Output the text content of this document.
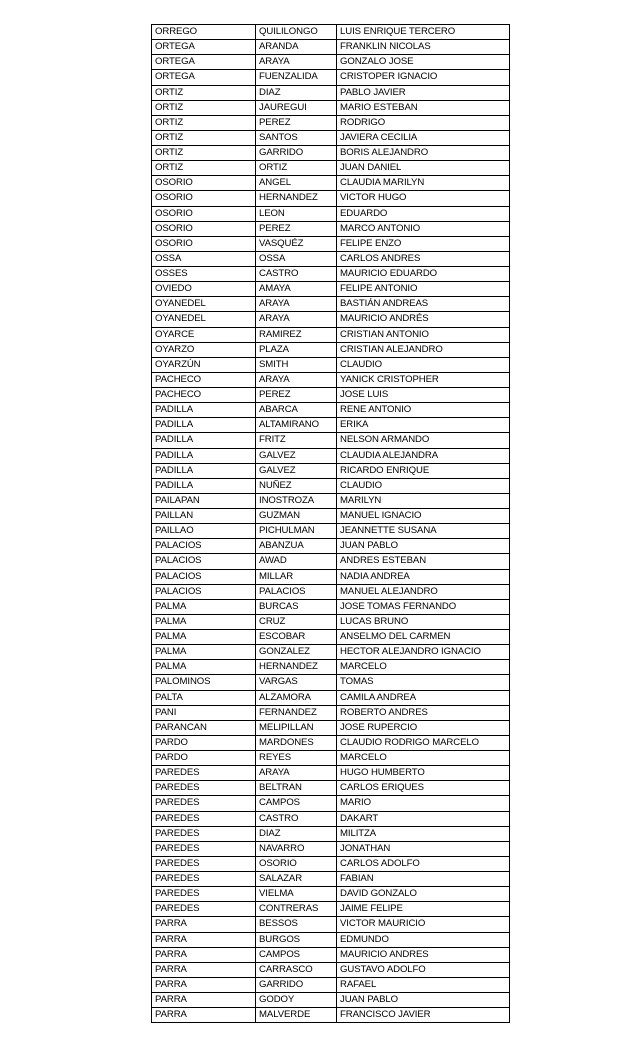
ORREGO	QUILILONGO	LUIS ENRIQUE TERCERO
ORTEGA	ARANDA	FRANKLIN NICOLAS
ORTEGA	ARAYA	GONZALO JOSE
ORTEGA	FUENZALIDA	CRISTOPER IGNACIO
ORTIZ	DIAZ	PABLO JAVIER
ORTIZ	JAUREGUI	MARIO ESTEBAN
ORTIZ	PEREZ	RODRIGO
ORTIZ	SANTOS	JAVIERA CECILIA
ORTIZ	GARRIDO	BORIS ALEJANDRO
ORTIZ	ORTIZ	JUAN DANIEL
OSORIO	ANGEL	CLAUDIA MARILYN
OSORIO	HERNANDEZ	VICTOR HUGO
OSORIO	LEON	EDUARDO
OSORIO	PEREZ	MARCO ANTONIO
OSORIO	VASQUÉZ	FELIPE ENZO
OSSA	OSSA	CARLOS ANDRES
OSSES	CASTRO	MAURICIO EDUARDO
OVIEDO	AMAYA	FELIPE ANTONIO
OYANEDEL	ARAYA	BASTIÁN ANDREAS
OYANEDEL	ARAYA	MAURICIO ANDRÉS
OYARCE	RAMIREZ	CRISTIAN ANTONIO
OYARZO	PLAZA	CRISTIAN ALEJANDRO
OYARZÚN	SMITH	CLAUDIO
PACHECO	ARAYA	YANICK CRISTOPHER
PACHECO	PEREZ	JOSE LUIS
PADILLA	ABARCA	RENE ANTONIO
PADILLA	ALTAMIRANO	ERIKA
PADILLA	FRITZ	NELSON ARMANDO
PADILLA	GALVEZ	CLAUDIA ALEJANDRA
PADILLA	GALVEZ	RICARDO ENRIQUE
PADILLA	NUÑEZ	CLAUDIO
PAILAPAN	INOSTROZA	MARILYN
PAILLAN	GUZMAN	MANUEL IGNACIO
PAILLAO	PICHULMAN	JEANNETTE SUSANA
PALACIOS	ABANZUA	JUAN PABLO
PALACIOS	AWAD	ANDRES ESTEBAN
PALACIOS	MILLAR	NADIA ANDREA
PALACIOS	PALACIOS	MANUEL ALEJANDRO
PALMA	BURCAS	JOSE TOMAS FERNANDO
PALMA	CRUZ	LUCAS BRUNO
PALMA	ESCOBAR	ANSELMO DEL CARMEN
PALMA	GONZALEZ	HECTOR ALEJANDRO IGNACIO
PALMA	HERNANDEZ	MARCELO
PALOMINOS	VARGAS	TOMAS
PALTA	ALZAMORA	CAMILA ANDREA
PANI	FERNANDEZ	ROBERTO ANDRES
PARANCAN	MELIPILLAN	JOSE RUPERCIO
PARDO	MARDONES	CLAUDIO RODRIGO MARCELO
PARDO	REYES	MARCELO
PAREDES	ARAYA	HUGO HUMBERTO
PAREDES	BELTRAN	CARLOS ERIQUES
PAREDES	CAMPOS	MARIO
PAREDES	CASTRO	DAKART
PAREDES	DIAZ	MILITZA
PAREDES	NAVARRO	JONATHAN
PAREDES	OSORIO	CARLOS ADOLFO
PAREDES	SALAZAR	FABIAN
PAREDES	VIELMA	DAVID GONZALO
PAREDES	CONTRERAS	JAIME FELIPE
PARRA	BESSOS	VICTOR MAURICIO
PARRA	BURGOS	EDMUNDO
PARRA	CAMPOS	MAURICIO ANDRES
PARRA	CARRASCO	GUSTAVO ADOLFO
PARRA	GARRIDO	RAFAEL
PARRA	GODOY	JUAN PABLO
PARRA	MALVERDE	FRANCISCO JAVIER
